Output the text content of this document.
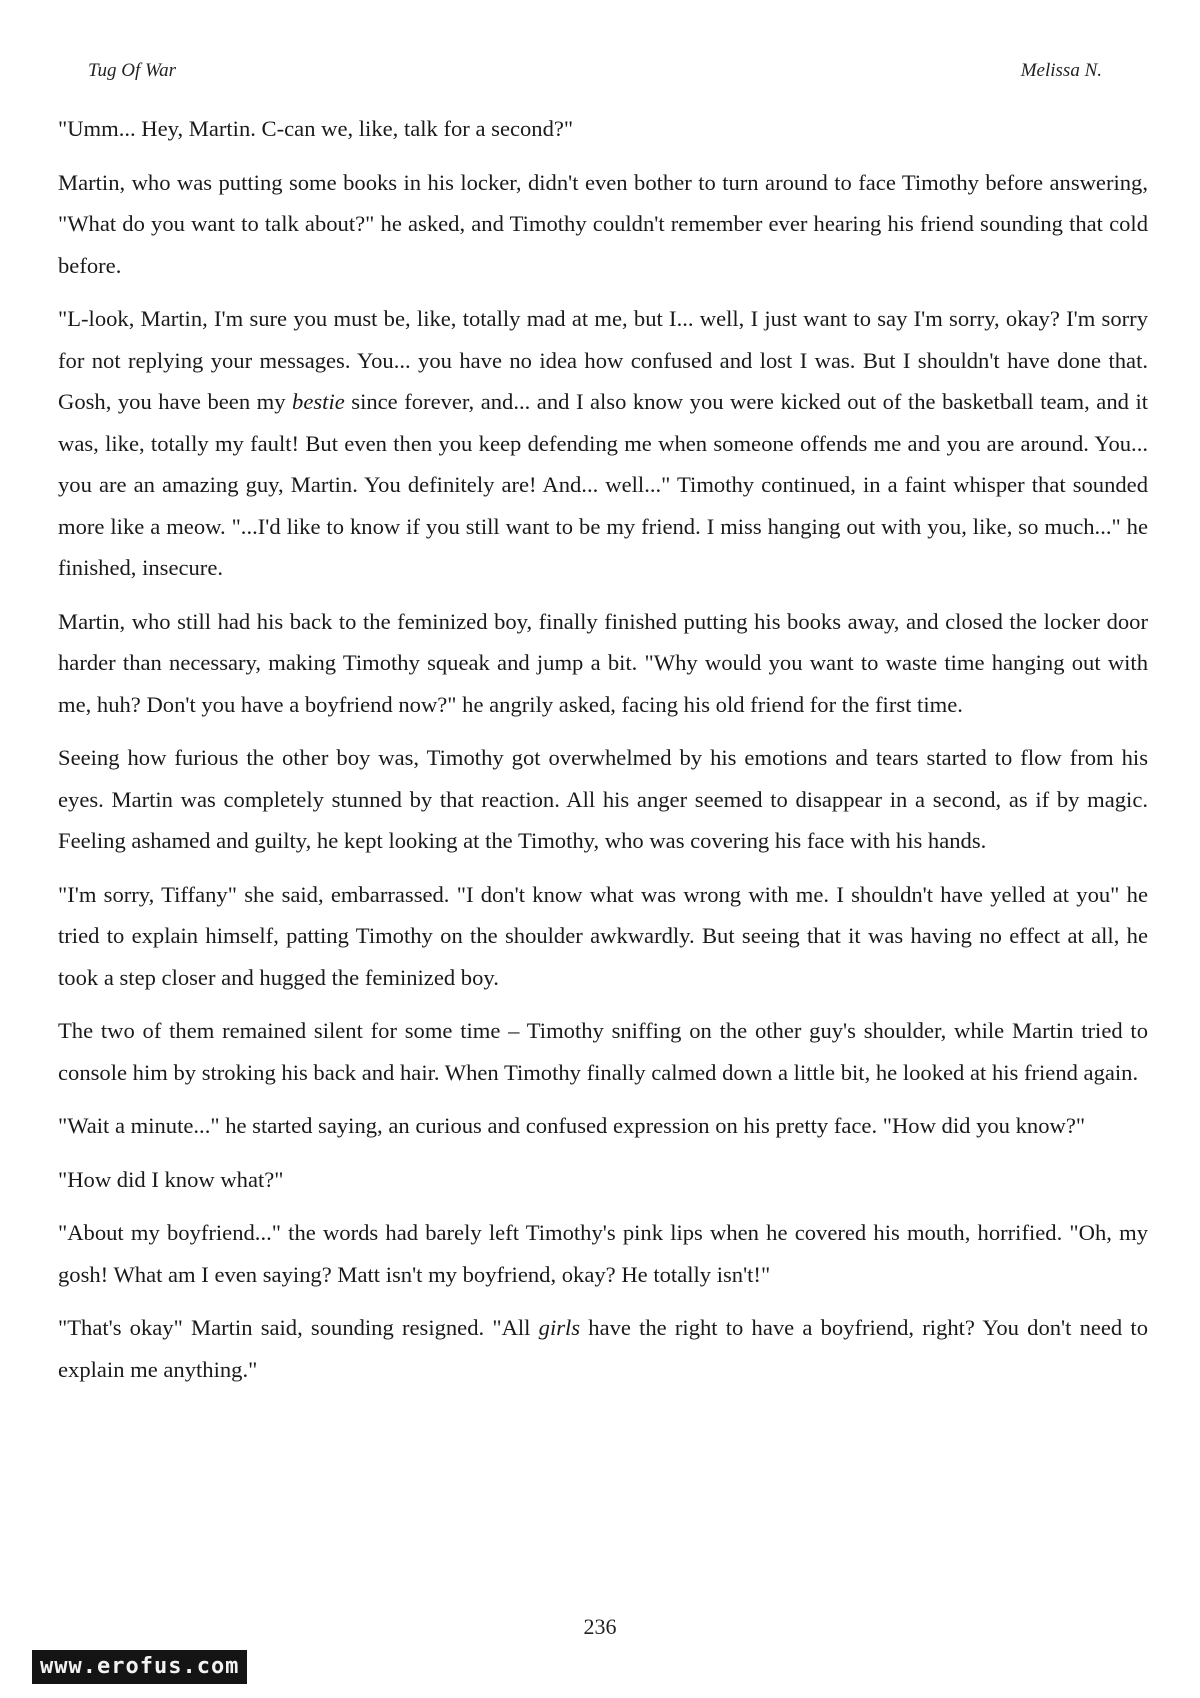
Tug Of War	Melissa N.

"Umm... Hey, Martin. C-can we, like, talk for a second?"

Martin, who was putting some books in his locker, didn't even bother to turn around to face Timothy before answering, "What do you want to talk about?" he asked, and Timothy couldn't remember ever hearing his friend sounding that cold before.

"L-look, Martin, I'm sure you must be, like, totally mad at me, but I... well, I just want to say I'm sorry, okay? I'm sorry for not replying your messages. You... you have no idea how confused and lost I was. But I shouldn't have done that. Gosh, you have been my bestie since forever, and... and I also know you were kicked out of the basketball team, and it was, like, totally my fault! But even then you keep defending me when someone offends me and you are around. You... you are an amazing guy, Martin. You definitely are! And... well..." Timothy continued, in a faint whisper that sounded more like a meow. "...I'd like to know if you still want to be my friend. I miss hanging out with you, like, so much..." he finished, insecure.

Martin, who still had his back to the feminized boy, finally finished putting his books away, and closed the locker door harder than necessary, making Timothy squeak and jump a bit. "Why would you want to waste time hanging out with me, huh? Don't you have a boyfriend now?" he angrily asked, facing his old friend for the first time.

Seeing how furious the other boy was, Timothy got overwhelmed by his emotions and tears started to flow from his eyes. Martin was completely stunned by that reaction. All his anger seemed to disappear in a second, as if by magic. Feeling ashamed and guilty, he kept looking at the Timothy, who was covering his face with his hands.

"I'm sorry, Tiffany" she said, embarrassed. "I don't know what was wrong with me. I shouldn't have yelled at you" he tried to explain himself, patting Timothy on the shoulder awkwardly. But seeing that it was having no effect at all, he took a step closer and hugged the feminized boy.

The two of them remained silent for some time – Timothy sniffing on the other guy's shoulder, while Martin tried to console him by stroking his back and hair. When Timothy finally calmed down a little bit, he looked at his friend again.

"Wait a minute..." he started saying, an curious and confused expression on his pretty face. "How did you know?"

"How did I know what?"

"About my boyfriend..." the words had barely left Timothy's pink lips when he covered his mouth, horrified. "Oh, my gosh! What am I even saying? Matt isn't my boyfriend, okay? He totally isn't!"

"That's okay" Martin said, sounding resigned. "All girls have the right to have a boyfriend, right? You don't need to explain me anything."

236
www.erofus.com
